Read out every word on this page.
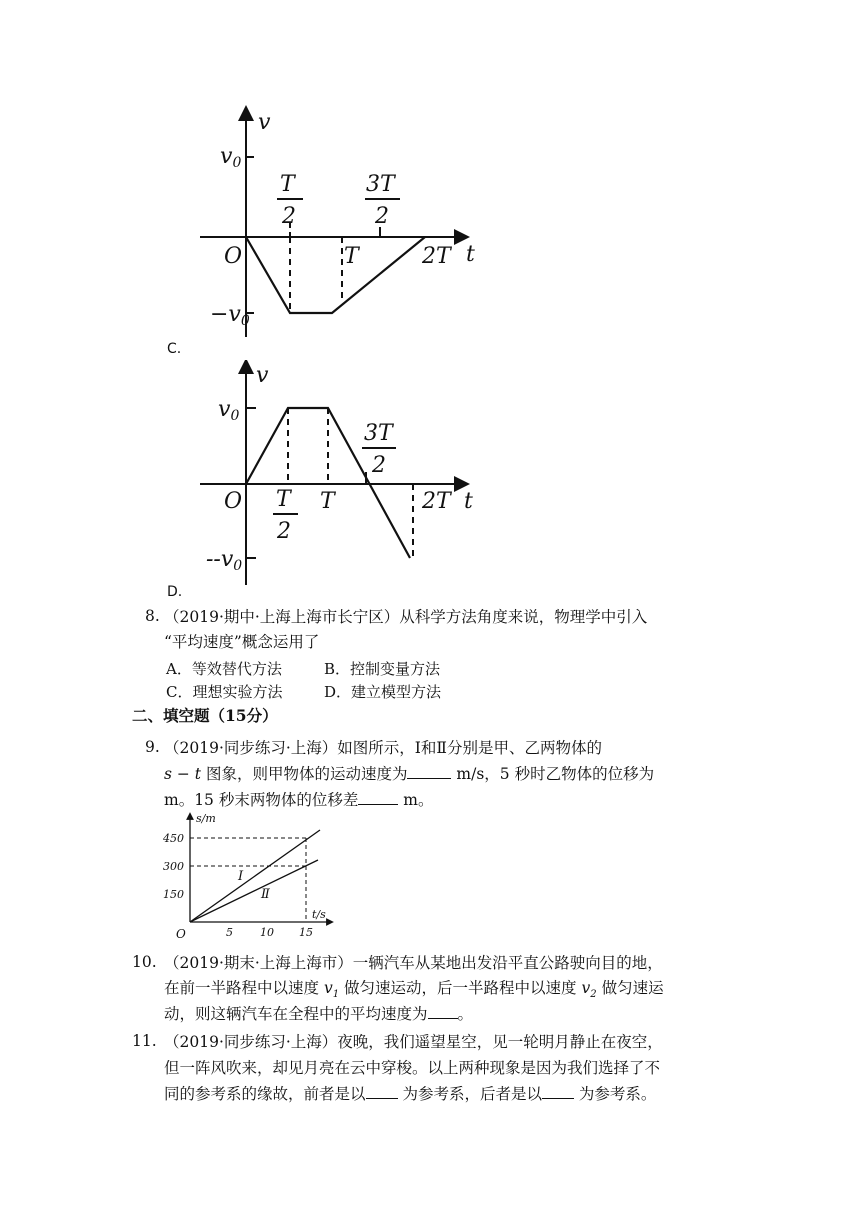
v
t
O
v0
−v0
T
2
T
3T
2
2T
C.
v
t
O
v0
--v0
T
2
T
3T
2
2T
D.
8. （2019·期中·上海上海市长宁区）从科学方法角度来说，物理学中引入
“平均速度”概念运用了
A．等效替代方法	B．控制变量方法
C．理想实验方法	D．建立模型方法
二、填空题（15分）
9. （2019·同步练习·上海）如图所示，Ⅰ和Ⅱ分别是甲、乙两物体的
s − t 图象，则甲物体的运动速度为	m/s，5 秒时乙物体的位移为
m。15 秒末两物体的位移差	m。
s/m
t/s
O
450
300
150
5 10 15
Ⅰ
Ⅱ
10. （2019·期末·上海上海市）一辆汽车从某地出发沿平直公路驶向目的地，
在前一半路程中以速度 $v_1$ 做匀速运动，后一半路程中以速度 $v_2$ 做匀速运
动，则这辆汽车在全程中的平均速度为 。
11. （2019·同步练习·上海）夜晚，我们遥望星空，见一轮明月静止在夜空，
但一阵风吹来，却见月亮在云中穿梭。以上两种现象是因为我们选择了不
同的参考系的缘故，前者是以 为参考系，后者是以 为参考系。
